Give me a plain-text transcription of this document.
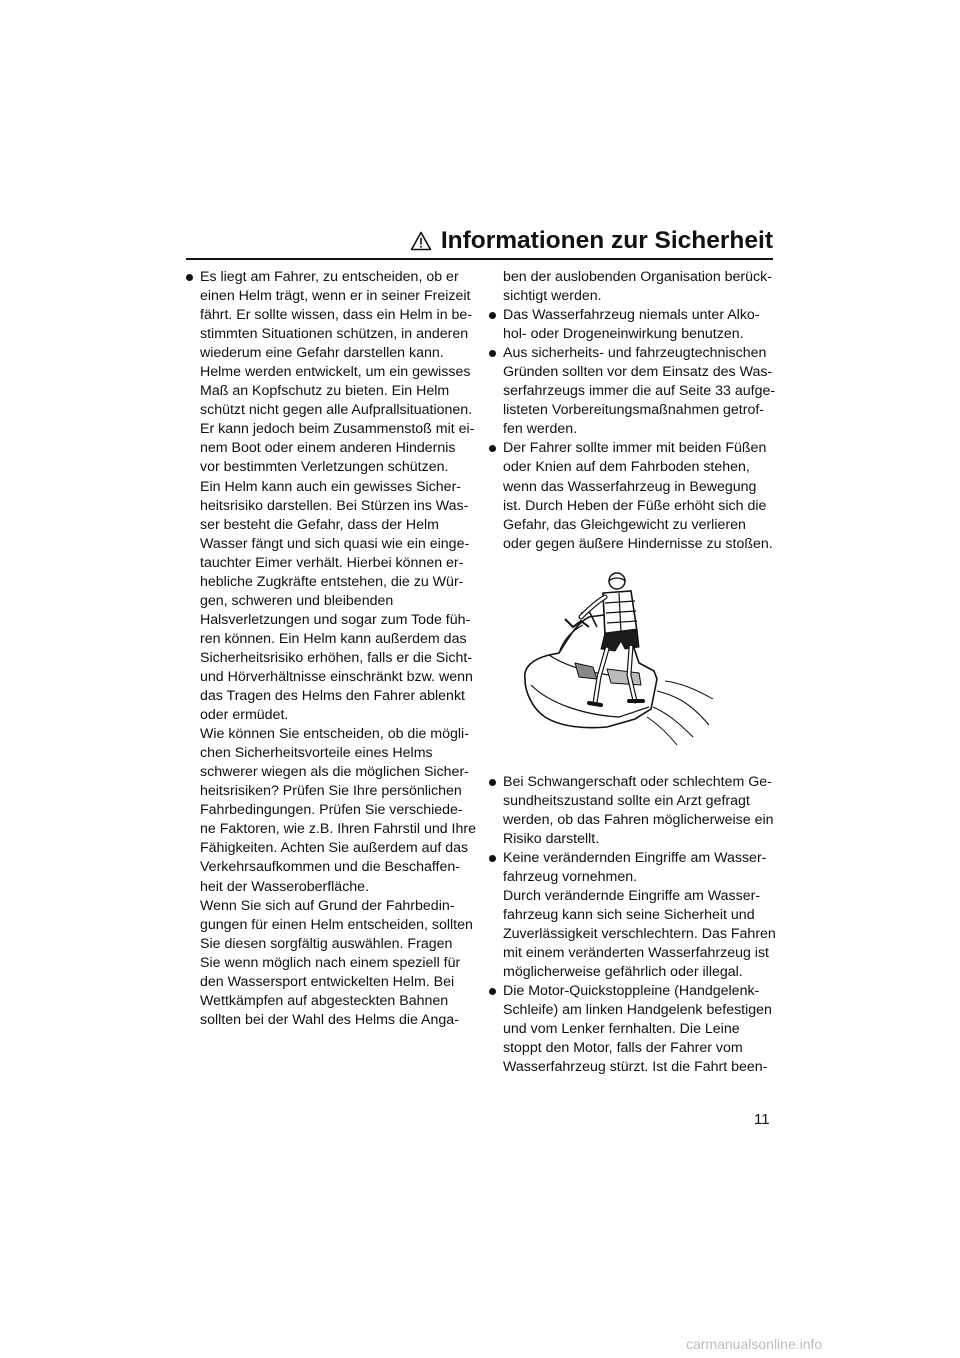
Informationen zur Sicherheit
Es liegt am Fahrer, zu entscheiden, ob er
einen Helm trägt, wenn er in seiner Freizeit
fährt. Er sollte wissen, dass ein Helm in be-
stimmten Situationen schützen, in anderen
wiederum eine Gefahr darstellen kann.
Helme werden entwickelt, um ein gewisses
Maß an Kopfschutz zu bieten. Ein Helm
schützt nicht gegen alle Aufprallsituationen.
Er kann jedoch beim Zusammenstoß mit ei-
nem Boot oder einem anderen Hindernis
vor bestimmten Verletzungen schützen.
Ein Helm kann auch ein gewisses Sicher-
heitsrisiko darstellen. Bei Stürzen ins Was-
ser besteht die Gefahr, dass der Helm
Wasser fängt und sich quasi wie ein einge-
tauchter Eimer verhält. Hierbei können er-
hebliche Zugkräfte entstehen, die zu Wür-
gen, schweren und bleibenden
Halsverletzungen und sogar zum Tode füh-
ren können. Ein Helm kann außerdem das
Sicherheitsrisiko erhöhen, falls er die Sicht-
und Hörverhältnisse einschränkt bzw. wenn
das Tragen des Helms den Fahrer ablenkt
oder ermüdet.
Wie können Sie entscheiden, ob die mögli-
chen Sicherheitsvorteile eines Helms
schwerer wiegen als die möglichen Sicher-
heitsrisiken? Prüfen Sie Ihre persönlichen
Fahrbedingungen. Prüfen Sie verschiede-
ne Faktoren, wie z.B. Ihren Fahrstil und Ihre
Fähigkeiten. Achten Sie außerdem auf das
Verkehrsaufkommen und die Beschaffen-
heit der Wasseroberfläche.
Wenn Sie sich auf Grund der Fahrbedin-
gungen für einen Helm entscheiden, sollten
Sie diesen sorgfältig auswählen. Fragen
Sie wenn möglich nach einem speziell für
den Wassersport entwickelten Helm. Bei
Wettkämpfen auf abgesteckten Bahnen
sollten bei der Wahl des Helms die Anga-
ben der auslobenden Organisation berück-
sichtigt werden.
Das Wasserfahrzeug niemals unter Alko-
hol- oder Drogeneinwirkung benutzen.
Aus sicherheits- und fahrzeugtechnischen
Gründen sollten vor dem Einsatz des Was-
serfahrzeugs immer die auf Seite 33 aufge-
listeten Vorbereitungsmaßnahmen getrof-
fen werden.
Der Fahrer sollte immer mit beiden Füßen
oder Knien auf dem Fahrboden stehen,
wenn das Wasserfahrzeug in Bewegung
ist. Durch Heben der Füße erhöht sich die
Gefahr, das Gleichgewicht zu verlieren
oder gegen äußere Hindernisse zu stoßen.
Bei Schwangerschaft oder schlechtem Ge-
sundheitszustand sollte ein Arzt gefragt
werden, ob das Fahren möglicherweise ein
Risiko darstellt.
Keine verändernden Eingriffe am Wasser-
fahrzeug vornehmen.
Durch verändernde Eingriffe am Wasser-
fahrzeug kann sich seine Sicherheit und
Zuverlässigkeit verschlechtern. Das Fahren
mit einem veränderten Wasserfahrzeug ist
möglicherweise gefährlich oder illegal.
Die Motor-Quickstoppleine (Handgelenk-
Schleife) am linken Handgelenk befestigen
und vom Lenker fernhalten. Die Leine
stoppt den Motor, falls der Fahrer vom
Wasserfahrzeug stürzt. Ist die Fahrt been-
11
carmanualsonline.info
